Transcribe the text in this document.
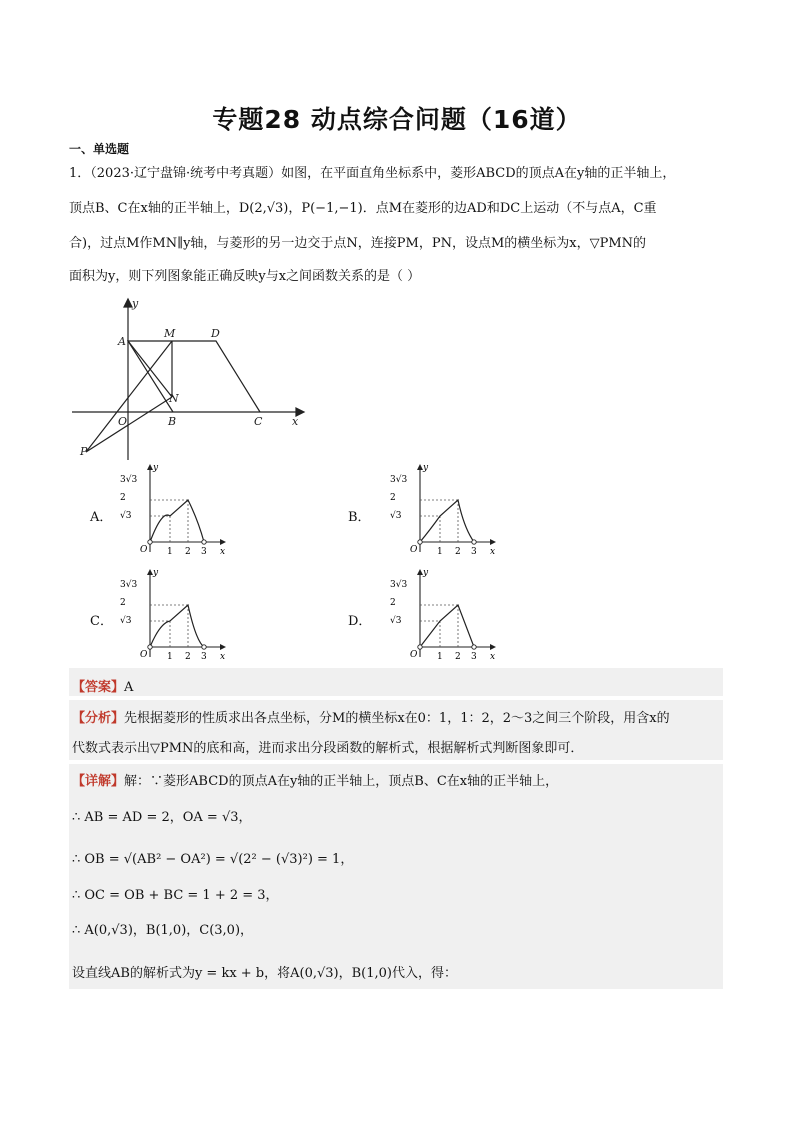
专题28 动点综合问题（16道）
一、单选题
1．（2023·辽宁盘锦·统考中考真题）如图，在平面直角坐标系中，菱形ABCD的顶点A在y轴的正半轴上，
顶点B、C在x轴的正半轴上，D(2,√3)，P(−1,−1)．点M在菱形的边AD和DC上运动（不与点A，C重
合)，过点M作MN∥y轴，与菱形的另一边交于点N，连接PM，PN，设点M的横坐标为x，▽PMN的
面积为y，则下列图象能正确反映y与x之间函数关系的是（ ）
y
x
A
M	D
N
O	B	C
P
A．
1 2 3
3√3
2
√3
y
x
O
B．
1 2 3
3√3
2
√3
y
x
O
C．
1 2 3
3√3
2
√3
y
x
O
D．
1 2 3
3√3
2
√3
y
x
O
【答案】A
【分析】先根据菱形的性质求出各点坐标，分M的横坐标x在0：1，1：2，2～3之间三个阶段，用含x的
代数式表示出▽PMN的底和高，进而求出分段函数的解析式，根据解析式判断图象即可．
【详解】解：∵菱形ABCD的顶点A在y轴的正半轴上，顶点B、C在x轴的正半轴上，
∴ AB = AD = 2，OA = √3，
∴ OB = √(AB² − OA²) = √(2² − (√3)²) = 1，
∴ OC = OB + BC = 1 + 2 = 3，
∴ A(0,√3)，B(1,0)，C(3,0)，
设直线AB的解析式为y = kx + b，将A(0,√3)，B(1,0)代入，得：
